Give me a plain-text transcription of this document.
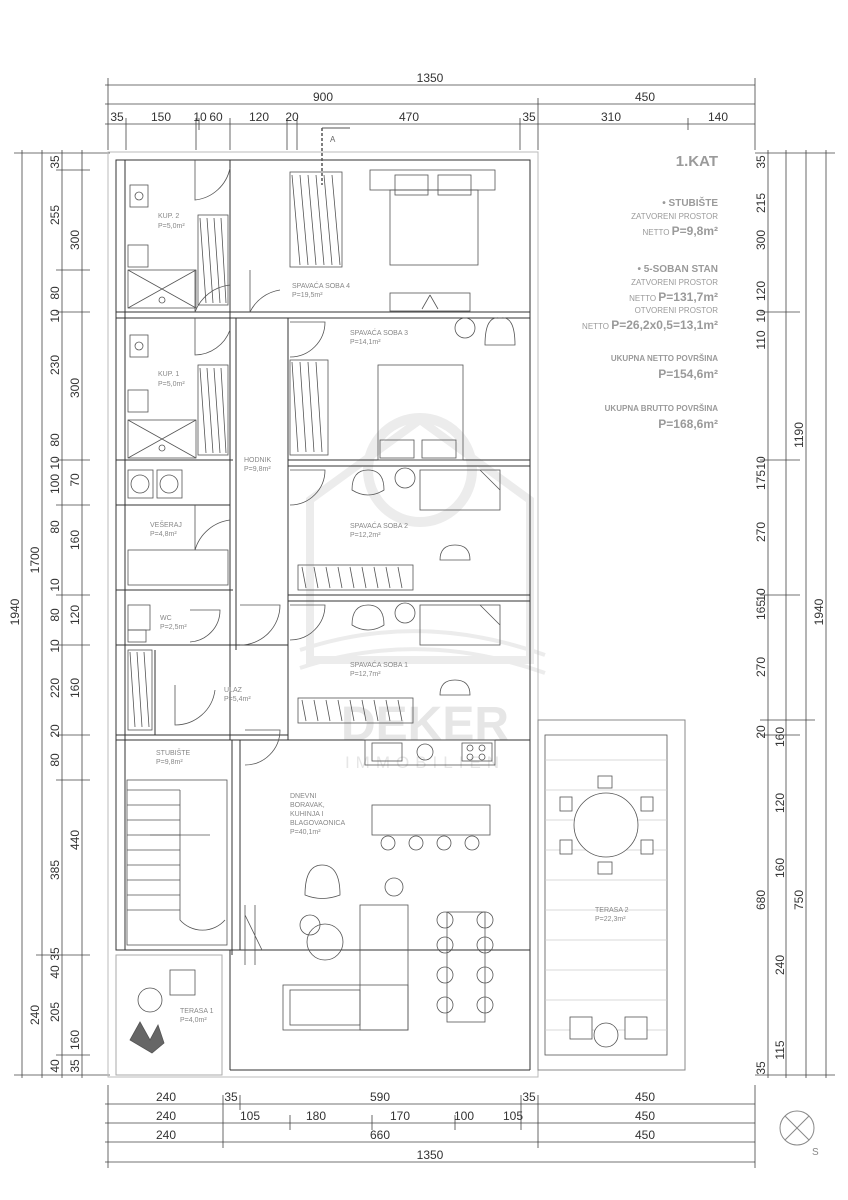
DEKER
IMMOBILIEN
1350
900	450
35 150 10 60 120 20	470	35	310	140
240	35	590	35	450
240	105	180	170	100 105	450
240	660	450
1350
1940
1700
240
35
255
80
10
230
80
10
100
80
10
80
10
220
20
80
385
35
40
205
40
300
300
70
160
120
160
440
160
35
35
215
300
120
10
110
10
175
270
10
165
270
20 160
120
160
240
115
35
1190
1940
680 750
A
KUP. 2
P=5,0m²
SPAVAĆA SOBA 4
P=19,5m²
KUP. 1
P=5,0m²
SPAVAĆA SOBA 3
P=14,1m²
HODNIK
P=9,8m²
VEŠERAJ
P=4,8m²
SPAVAĆA SOBA 2
P=12,2m²
WC
P=2,5m²
SPAVAĆA SOBA 1
P=12,7m²
ULAZ
P=5,4m²
STUBIŠTE
P=9,8m²
DNEVNI
BORAVAK,
KUHINJA I
BLAGOVAONICA
P=40,1m²
TERASA 1
P=4,0m²
TERASA 2
P=22,3m²
1.KAT
• STUBIŠTE
ZATVORENI PROSTOR
NETTO P=9,8m²
• 5-SOBAN STAN
ZATVORENI PROSTOR
NETTO P=131,7m²
OTVORENI PROSTOR
NETTO P=26,2x0,5=13,1m²
UKUPNA NETTO POVRŠINA
P=154,6m²
UKUPNA BRUTTO POVRŠINA
P=168,6m²
S
